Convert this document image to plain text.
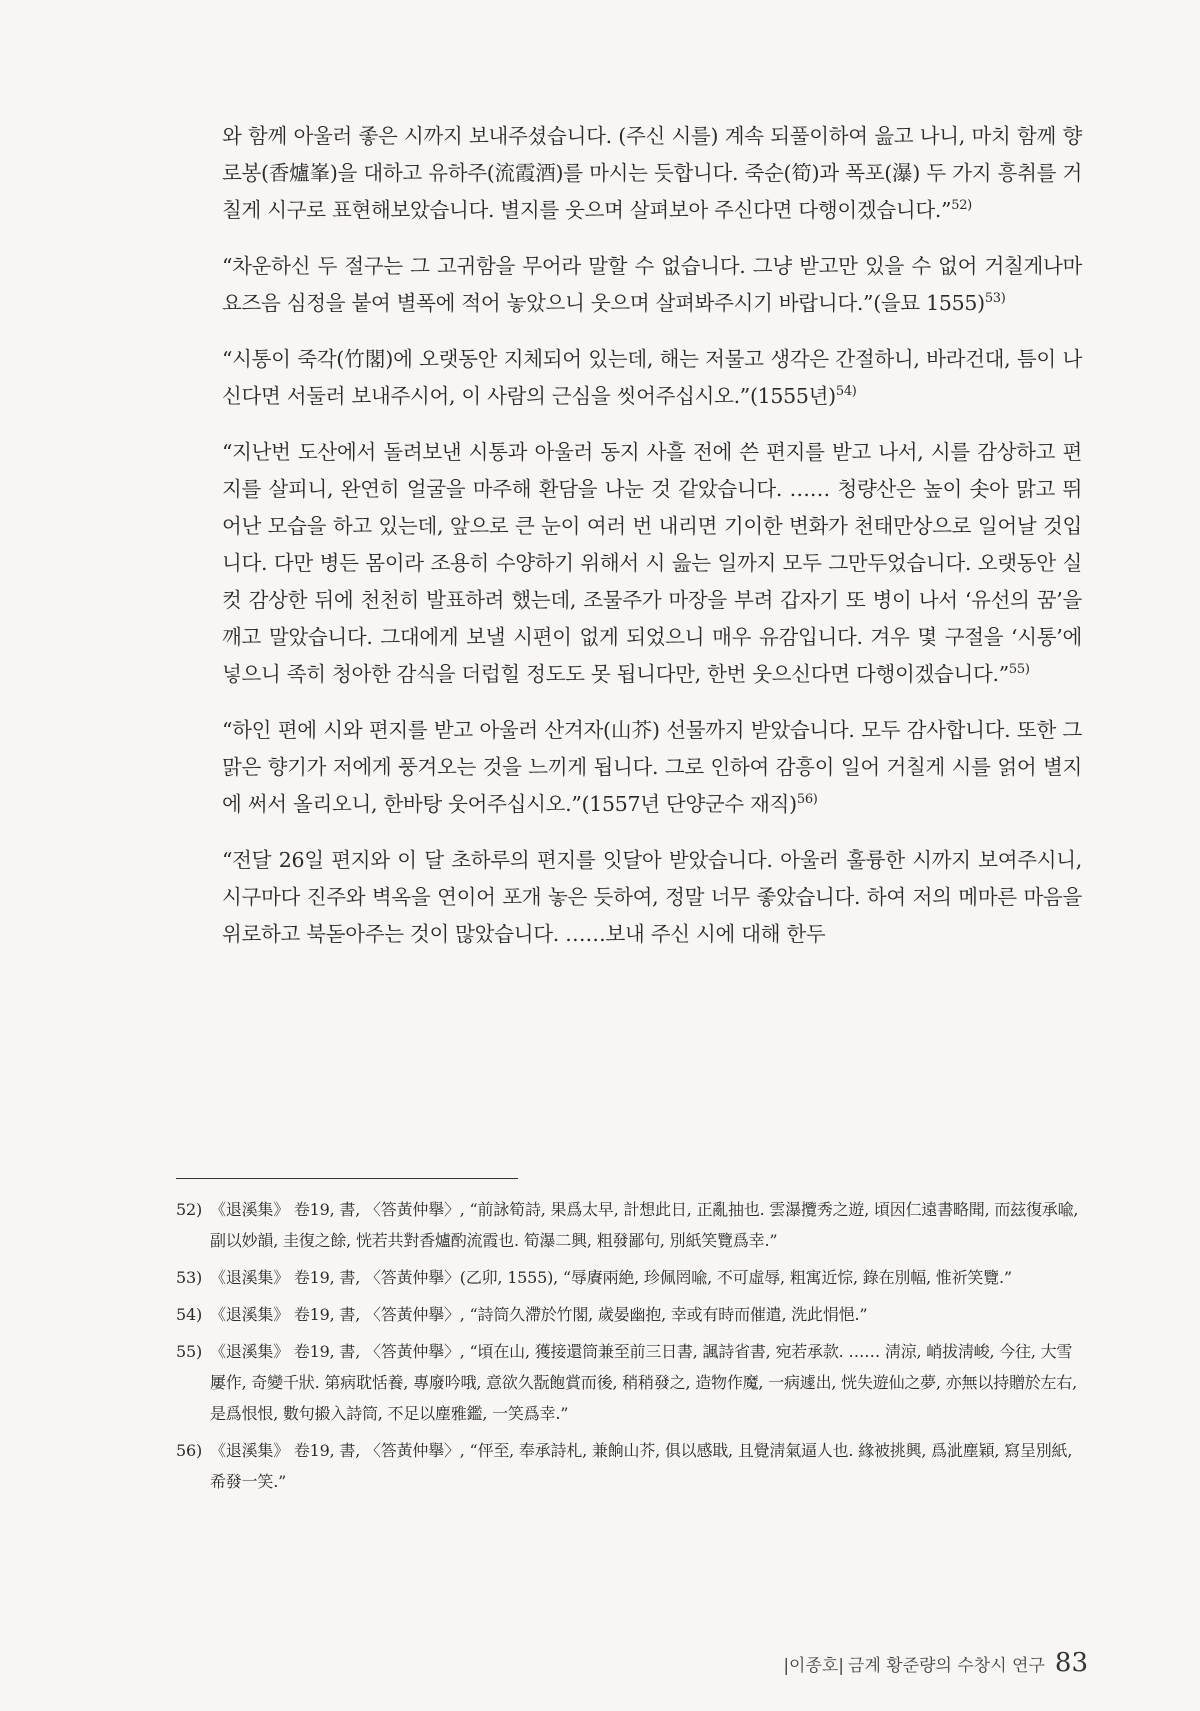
와 함께 아울러 좋은 시까지 보내주셨습니다. (주신 시를) 계속 되풀이하여 읊고 나니, 마치 함께 향로봉(香爐峯)을 대하고 유하주(流霞酒)를 마시는 듯합니다. 죽순(筍)과 폭포(瀑) 두 가지 흥취를 거칠게 시구로 표현해보았습니다. 별지를 웃으며 살펴보아 주신다면 다행이겠습니다.”$^{52)}$

“차운하신 두 절구는 그 고귀함을 무어라 말할 수 없습니다. 그냥 받고만 있을 수 없어 거칠게나마 요즈음 심정을 붙여 별폭에 적어 놓았으니 웃으며 살펴봐주시기 바랍니다.”(을묘 1555)$^{53)}$

“시통이 죽각(竹閣)에 오랫동안 지체되어 있는데, 해는 저물고 생각은 간절하니, 바라건대, 틈이 나신다면 서둘러 보내주시어, 이 사람의 근심을 씻어주십시오.”(1555년)$^{54)}$

“지난번 도산에서 돌려보낸 시통과 아울러 동지 사흘 전에 쓴 편지를 받고 나서, 시를 감상하고 편지를 살피니, 완연히 얼굴을 마주해 환담을 나눈 것 같았습니다. …… 청량산은 높이 솟아 맑고 뛰어난 모습을 하고 있는데, 앞으로 큰 눈이 여러 번 내리면 기이한 변화가 천태만상으로 일어날 것입니다. 다만 병든 몸이라 조용히 수양하기 위해서 시 읊는 일까지 모두 그만두었습니다. 오랫동안 실컷 감상한 뒤에 천천히 발표하려 했는데, 조물주가 마장을 부려 갑자기 또 병이 나서 ‘유선의 꿈’을 깨고 말았습니다. 그대에게 보낼 시편이 없게 되었으니 매우 유감입니다. 겨우 몇 구절을 ‘시통’에 넣으니 족히 청아한 감식을 더럽힐 정도도 못 됩니다만, 한번 웃으신다면 다행이겠습니다.”$^{55)}$

“하인 편에 시와 편지를 받고 아울러 산겨자(山芥) 선물까지 받았습니다. 모두 감사합니다. 또한 그 맑은 향기가 저에게 풍겨오는 것을 느끼게 됩니다. 그로 인하여 감흥이 일어 거칠게 시를 얽어 별지에 써서 올리오니, 한바탕 웃어주십시오.”(1557년 단양군수 재직)$^{56)}$

“전달 26일 편지와 이 달 초하루의 편지를 잇달아 받았습니다. 아울러 훌륭한 시까지 보여주시니, 시구마다 진주와 벽옥을 연이어 포개 놓은 듯하여, 정말 너무 좋았습니다. 하여 저의 메마른 마음을 위로하고 북돋아주는 것이 많았습니다. ……보내 주신 시에 대해 한두

52) 《退溪集》 卷19, 書, 〈答黃仲擧〉, “前詠筍詩, 果爲太早, 計想此日, 正亂抽也. 雲瀑攬秀之遊, 頃因仁遠書略聞, 而玆復承喩, 副以妙韻, 圭復之餘, 恍若共對香爐酌流霞也. 筍瀑二興, 粗發鄙句, 別紙笑覽爲幸.”
53) 《退溪集》 卷19, 書, 〈答黃仲擧〉(乙卯, 1555), “辱賡兩絶, 珍佩罔喩, 不可虛辱, 粗寓近悰, 錄在別幅, 惟祈笑覽.”
54) 《退溪集》 卷19, 書, 〈答黃仲擧〉, “詩筒久滯於竹閣, 歲晏幽抱, 幸或有時而催遣, 洗此悁悒.”
55) 《退溪集》 卷19, 書, 〈答黃仲擧〉, “頃在山, 獲接還筒兼至前三日書, 諷詩省書, 宛若承款. …… 淸涼, 峭拔淸峻, 今往, 大雪屢作, 奇變千狀. 第病耽恬養, 專廢吟哦, 意欲久翫飽賞而後, 稍稍發之, 造物作魔, 一病遽出, 恍失遊仙之夢, 亦無以持贈於左右, 是爲恨恨, 數句摋入詩筒, 不足以塵雅鑑, 一笑爲幸.”
56) 《退溪集》 卷19, 書, 〈答黃仲擧〉, “伻至, 奉承詩札, 兼餉山芥, 俱以感戢, 且覺淸氣逼人也. 緣被挑興, 爲泚塵穎, 寫呈別紙, 希發一笑.”
|이종호| 금계 황준량의 수창시 연구 83
